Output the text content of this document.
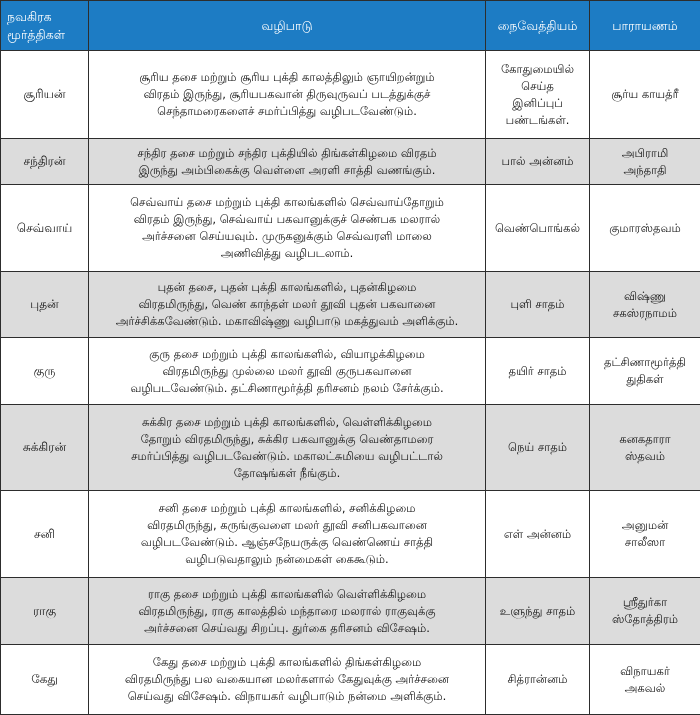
நவகிரக
மூர்த்திகள்	வழிபாடு	நைவேத்தியம்	பாராயணம்
சூரியன்	சூரிய தசை மற்றும் சூரிய புக்தி காலத்திலும் ஞாயிறன்றும்
விரதம் இருந்து, சூரியபகவான் திருவுருவப் படத்துக்குச்
செந்தாமரைகளைச் சமர்ப்பித்து வழிபடவேண்டும்.	கோதுமையில்
செய்த
இனிப்புப்
பண்டங்கள்.	சூர்ய காயத்ரீ

சந்திரன்	சந்திர தசை மற்றும் சந்திர புக்தியில் திங்கள்கிழமை விரதம்
இருந்து அம்பிகைக்கு வெள்ளை அரளி சாத்தி வணங்கும்.	பால் அன்னம்	அபிராமி
அந்தாதி

செவ்வாய்	செவ்வாய் தசை மற்றும் புக்தி காலங்களில் செவ்வாய்தோறும்
விரதம் இருந்து, செவ்வாய் பகவானுக்குச் செண்பக மலரால்
அர்ச்சனை செய்யவும். முருகனுக்கும் செவ்வரளி மாலை
அணிவித்து வழிபடலாம்.	வெண்பொங்கல்	குமாரஸ்தவம்

புதன்	புதன் தசை, புதன் புக்தி காலங்களில், புதன்கிழமை
விரதமிருந்து, வெண் காந்தள் மலர் தூவி புதன் பகவானை
அர்ச்சிக்கவேண்டும். மகாவிஷ்ணு வழிபாடு மகத்துவம் அளிக்கும்.	புளி சாதம்	விஷ்ணு
சகஸ்ரநாமம்

குரு	குரு தசை மற்றும் புக்தி காலங்களில், வியாழக்கிழமை
விரதமிருந்து முல்லை மலர் தூவி குருபகவானை
வழிபடவேண்டும். தட்சிணாமூர்த்தி தரிசனம் நலம் சேர்க்கும்.	தயிர் சாதம்	தட்சிணாமூர்த்தி
துதிகள்

சுக்கிரன்	சுக்கிர தசை மற்றும் புக்தி காலங்களில், வெள்ளிக்கிழமை
தோறும் விரதமிருந்து, சுக்கிர பகவானுக்கு வெண்தாமரை
சமர்ப்பித்து வழிபடவேண்டும். மகாலட்சுமியை வழிபட்டால்
தோஷங்கள் நீங்கும்.	நெய் சாதம்	கனகதாரா
ஸ்தவம்

சனி	சனி தசை மற்றும் புக்தி காலங்களில், சனிக்கிழமை
விரதமிருந்து, கருங்குவளை மலர் தூவி சனிபகவானை
வழிபடவேண்டும். ஆஞ்சநேயருக்கு வெண்ணெய் சாத்தி
வழிபடுவதாலும் நன்மைகள் கைகூடும்.	எள் அன்னம்	அனுமன்
சாலீஸா

ராகு	ராகு தசை மற்றும் புக்தி காலங்களில் வெள்ளிக்கிழமை
விரதமிருந்து, ராகு காலத்தில் மந்தாரை மலரால் ராகுவுக்கு
அர்ச்சனை செய்வது சிறப்பு. துர்கை தரிசனம் விசேஷம்.	உளுந்து சாதம்	ஸ்ரீதுர்கா
ஸ்தோத்திரம்

கேது	கேது தசை மற்றும் புக்தி காலங்களில் திங்கள்கிழமை
விரதமிருந்து பல வகையான மலர்களால் கேதுவுக்கு அர்ச்சனை
செய்வது விசேஷம். விநாயகர் வழிபாடும் நன்மை அளிக்கும்.	சித்ரான்னம்	விநாயகர்
அகவல்
